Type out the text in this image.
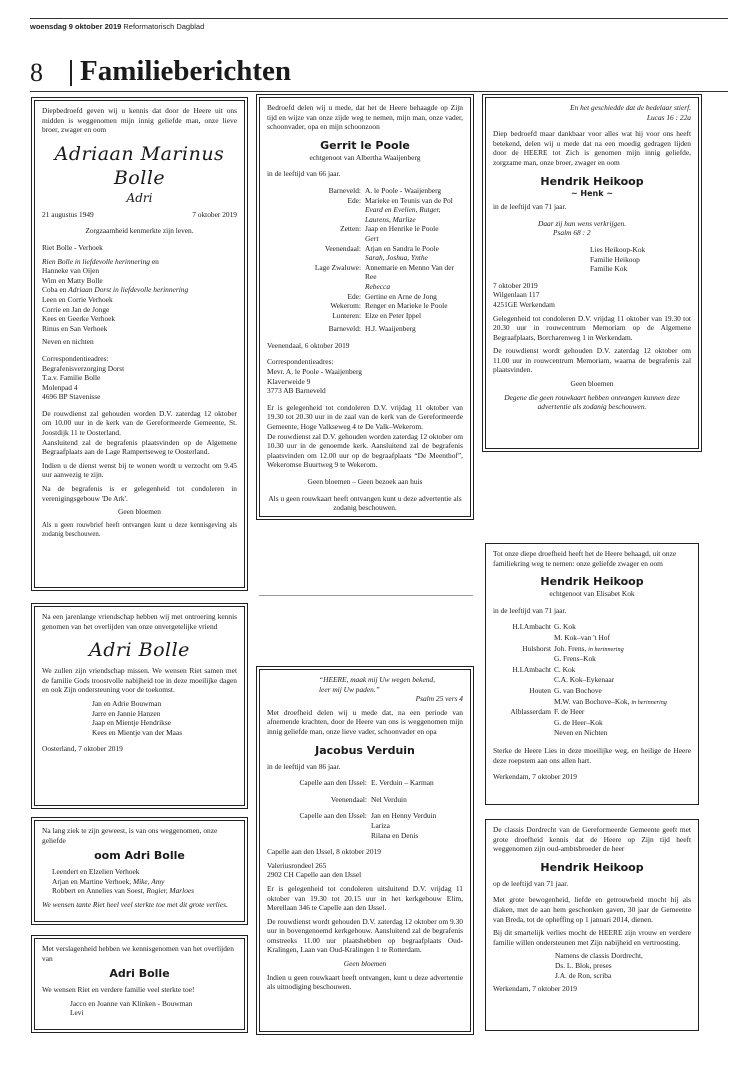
woensdag 9 oktober 2019 Reformatorisch Dagblad
8 Familieberichten

Diepbedroefd geven wij u kennis dat door de Heere uit ons midden is weggenomen mijn innig geliefde man, onze lieve broer, zwager en oom

Adriaan Marinus Bolle

Adri

21 augustus 1949	7 oktober 2019

Zorgzaamheid kenmerkte zijn leven.

Riet Bolle - Verhoek

Rien Bolle in liefdevolle herinnering en

Hanneke van Oijen

Wim en Matty Bolle

Coba en Adriaan Dorst in liefdevolle herinnering

Leen en Corrie Verhoek

Corrie en Jan de Jonge

Kees en Geerke Verhoek

Rinus en San Verhoek

Neven en nichten

Correspondentieadres:

Begrafenisverzorging Dorst

T.a.v. Familie Bolle

Molenpad 4

4696 BP Stavenisse

De rouwdienst zal gehouden worden D.V. zaterdag 12 oktober om 10.00 uur in de kerk van de Gereformeerde Gemeente, St. Joostdijk 11 te Oosterland.

Aansluitend zal de begrafenis plaatsvinden op de Algemene Begraafplaats aan de Lage Rampertseweg te Oosterland.

Indien u de dienst wenst bij te wonen wordt u verzocht om 9.45 uur aanwezig te zijn.

Na de begrafenis is er gelegenheid tot condoleren in verenigingsgebouw 'De Ark'.

Geen bloemen

Als u geen rouwbrief heeft ontvangen kunt u deze kennisgeving als zodanig beschouwen.

Na een jarenlange vriendschap hebben wij met ontroering kennis genomen van het overlijden van onze onvergetelijke vriend

Adri Bolle

We zullen zijn vriendschap missen. We wensen Riet samen met de familie Gods troostvolle nabijheid toe in deze moeilijke dagen en ook Zijn ondersteuning voor de toekomst.

Jan en Adrie Bouwman

Jarre en Jannie Hanzen

Jaap en Mientje Hendrikse

Kees en Mientje van der Maas

Oosterland, 7 oktober 2019

Na lang ziek te zijn geweest, is van ons weggenomen, onze geliefde

oom Adri Bolle

Leendert en Elzelien Verhoek

Arjan en Martine Verhoek, Mike, Amy

Robbert en Annelies van Soest, Rogier, Marloes

We wensen tante Riet heel veel sterkte toe met dit grote verlies.

Met verslagenheid hebben we kennisgenomen van het overlijden van

Adri Bolle

We wensen Riet en verdere familie veel sterkte toe!

Jacco en Joanne van Klinken - Bouwman

Levi

Bedroefd delen wij u mede, dat het de Heere behaagde op Zijn tijd en wijze van onze zijde weg te nemen, mijn man, onze vader, schoonvader, opa en mijn schoonzoon

Gerrit le Poole

echtgenoot van Albertha Waaijenberg

in de leeftijd van 66 jaar.

Barneveld: A. le Poole - Waaijenberg
Ede: Marieke en Teunis van de Pol
Evard en Evelien, Rutger,
Laurens, Marlize
Zetten: Jaap en Henrike le Poole
Gert
Veenendaal: Arjan en Sandra le Poole
Sarah, Joshua, Ynthe
Lage Zwaluwe: Annemarie en Menno Van der Ree
Rebecca
Ede: Gertine en Arne de Jong
Wekerom: Renger en Marieke le Poole
Lunteren: Elze en Peter Ippel
Barneveld: H.J. Waaijenberg

Veenendaal, 6 oktober 2019

Correspondentieadres:

Mevr. A. le Poole - Waaijenberg

Klaverweide 9

3773 AB Barneveld

Er is gelegenheid tot condoleren D.V. vrijdag 11 oktober van 19.30 tot 20.30 uur in de zaal van de kerk van de Gereformeerde Gemeente, Hoge Valkseweg 4 te De Valk–Wekerom.

De rouwdienst zal D.V. gehouden worden zaterdag 12 oktober om 10.30 uur in de genoemde kerk. Aansluitend zal de begrafenis plaatsvinden om 12.00 uur op de begraafplaats “De Meenthof”, Wekeromse Buurtweg 9 te Wekerom.

Geen bloemen – Geen bezoek aan huis

Als u geen rouwkaart heeft ontvangen kunt u deze advertentie als zodanig beschouwen.

“HEERE, maak mij Uw wegen bekend,

leer mij Uw paden.”

Psalm 25 vers 4

Met droefheid delen wij u mede dat, na een periode van afnemende krachten, door de Heere van ons is weggenomen mijn innig geliefde man, onze lieve vader, schoonvader en opa

Jacobus Verduin

in de leeftijd van 86 jaar.

Capelle aan den IJssel: E. Verduin – Karman
Veenendaal: Nel Verduin
Capelle aan den IJssel: Jan en Henny Verduin
Lariza
Rilana en Denis

Capelle aan den IJssel, 8 oktober 2019

Valeriusrondeel 265

2902 CH Capelle aan den IJssel

Er is gelegenheid tot condoleren uitsluitend D.V. vrijdag 11 oktober van 19.30 tot 20.15 uur in het kerkgebouw Elim, Merellaan 346 te Capelle aan den IJssel.

De rouwdienst wordt gehouden D.V. zaterdag 12 oktober om 9.30 uur in bovengenoemd kerkgebouw. Aansluitend zal de begrafenis omstreeks 11.00 uur plaatshebben op begraafplaats Oud-Kralingen, Laan van Oud-Kralingen 1 te Rotterdam.

Geen bloemen

Indien u geen rouwkaart heeft ontvangen, kunt u deze advertentie als uitnodiging beschouwen.

En het geschiedde dat de bedelaar stierf.

Lucas 16 : 22a

Diep bedroefd maar dankbaar voor alles wat hij voor ons heeft betekend, delen wij u mede dat na een moedig gedragen lijden door de HEERE tot Zich is genomen mijn innig geliefde, zorgzame man, onze broer, zwager en oom

Hendrik Heikoop

~ Henk ~

in de leeftijd van 71 jaar.

Daar zij hun wens verkrijgen.

Psalm 68 : 2

Lies Heikoop-Kok

Familie Heikoop

Familie Kok

7 oktober 2019

Wilgenlaan 117

4251GE Werkendam

Gelegenheid tot condoleren D.V. vrijdag 11 oktober van 19.30 tot 20.30 uur in rouwcentrum Memoriam op de Algemene Begraafplaats, Borcharenweg 1 in Werkendam.

De rouwdienst wordt gehouden D.V. zaterdag 12 oktober om 11.00 uur in rouwcentrum Memoriam, waarna de begrafenis zal plaatsvinden.

Geen bloemen

Degene die geen rouwkaart hebben ontvangen kunnen deze advertentie als zodanig beschouwen.

Tot onze diepe droefheid heeft het de Heere behaagd, uit onze familiekring weg te nemen: onze geliefde zwager en oom

Hendrik Heikoop

echtgenoot van Elisabet Kok

in de leeftijd van 71 jaar.

H.I.Ambacht G. Kok
M. Kok–van 't Hof
Hulshorst Joh. Frens, in herinnering
G. Frens–Kok
H.I.Ambacht C. Kok
C.A. Kok–Eykenaar
Houten G. van Bochove
M.W. van Bochove–Kok, in herinnering
Alblasserdam F. de Heer
G. de Heer–Kok
Neven en Nichten

Sterke de Heere Lies in deze moeilijke weg, en heilige de Heere deze roepstem aan ons allen hart.

Werkendam, 7 oktober 2019

De classis Dordrecht van de Gereformeerde Gemeente geeft met grote droefheid kennis dat de Heere op Zijn tijd heeft weggenomen zijn oud-ambtsbroeder de heer

Hendrik Heikoop

op de leeftijd van 71 jaar.

Met grote bewogenheid, liefde en getrouwheid mocht hij als diaken, met de aan hem geschonken gaven, 30 jaar de Gemeente van Breda, tot de opheffing op 1 januari 2014, dienen.

Bij dit smartelijk verlies mocht de HEERE zijn vrouw en verdere familie willen ondersteunen met Zijn nabijheid en vertroosting.

Namens de classis Dordrecht,

Ds. L. Blok, preses

J.A. de Ron, scriba

Werkendam, 7 oktober 2019
